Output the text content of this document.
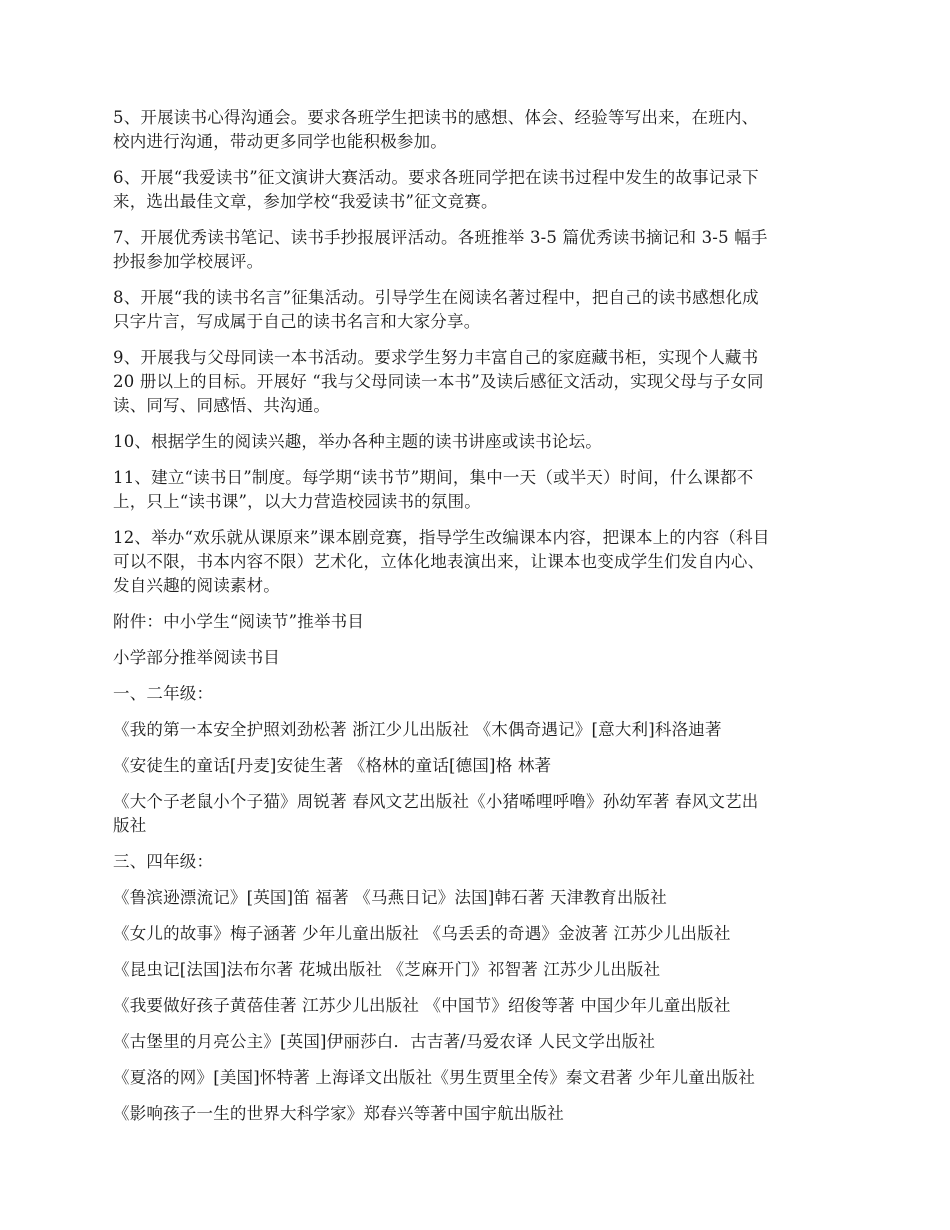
5、开展读书心得沟通会。要求各班学生把读书的感想、体会、经验等写出来，在班内、
校内进行沟通，带动更多同学也能积极参加。

6、开展“我爱读书”征文演讲大赛活动。要求各班同学把在读书过程中发生的故事记录下
来，选出最佳文章，参加学校“我爱读书”征文竞赛。

7、开展优秀读书笔记、读书手抄报展评活动。各班推举 3-5 篇优秀读书摘记和 3-5 幅手
抄报参加学校展评。

8、开展“我的读书名言”征集活动。引导学生在阅读名著过程中，把自己的读书感想化成
只字片言，写成属于自己的读书名言和大家分享。

9、开展我与父母同读一本书活动。要求学生努力丰富自己的家庭藏书柜，实现个人藏书
20 册以上的目标。开展好 “我与父母同读一本书”及读后感征文活动，实现父母与子女同
读、同写、同感悟、共沟通。

10、根据学生的阅读兴趣，举办各种主题的读书讲座或读书论坛。

11、建立“读书日”制度。每学期“读书节”期间，集中一天（或半天）时间，什么课都不
上，只上“读书课”，以大力营造校园读书的氛围。

12、举办“欢乐就从课原来”课本剧竞赛，指导学生改编课本内容，把课本上的内容（科目
可以不限，书本内容不限）艺术化，立体化地表演出来，让课本也变成学生们发自内心、
发自兴趣的阅读素材。

附件：中小学生“阅读节”推举书目

小学部分推举阅读书目

一、二年级：

《我的第一本安全护照刘劲松著 浙江少儿出版社 《木偶奇遇记》[意大利]科洛迪著

《安徒生的童话[丹麦]安徒生著 《格林的童话[德国]格 林著

《大个子老鼠小个子猫》周锐著 春风文艺出版社《小猪唏哩呼噜》孙幼军著 春风文艺出
版社

三、四年级：

《鲁滨逊漂流记》[英国]笛 福著 《马燕日记》法国]韩石著 天津教育出版社

《女儿的故事》梅子涵著 少年儿童出版社 《乌丢丢的奇遇》金波著 江苏少儿出版社

《昆虫记[法国]法布尔著 花城出版社 《芝麻开门》祁智著 江苏少儿出版社

《我要做好孩子黄蓓佳著 江苏少儿出版社 《中国节》绍俊等著 中国少年儿童出版社

《古堡里的月亮公主》[英国]伊丽莎白．古吉著/马爱农译 人民文学出版社

《夏洛的网》[美国]怀特著 上海译文出版社《男生贾里全传》秦文君著 少年儿童出版社

《影响孩子一生的世界大科学家》郑春兴等著中国宇航出版社
